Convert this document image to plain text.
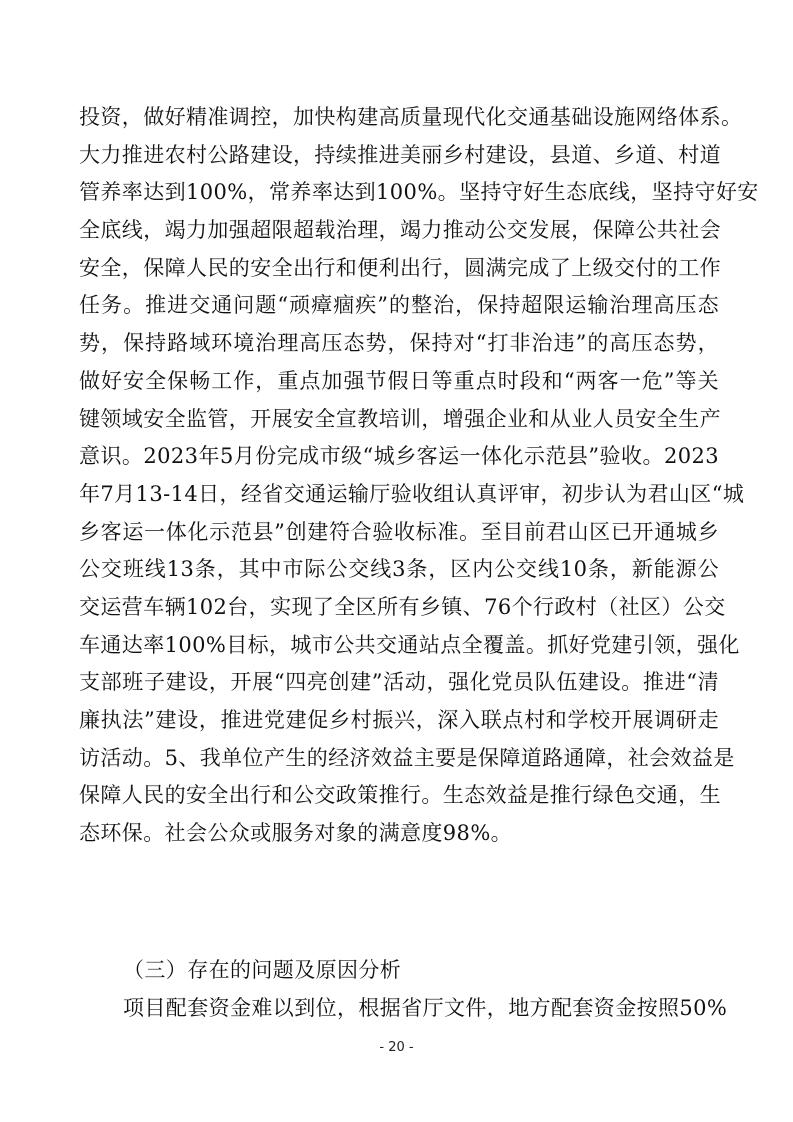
投资，做好精准调控，加快构建高质量现代化交通基础设施网络体系。
大力推进农村公路建设，持续推进美丽乡村建设，县道、乡道、村道
管养率达到100%，常养率达到100%。坚持守好生态底线，坚持守好安
全底线，竭力加强超限超载治理，竭力推动公交发展，保障公共社会
安全，保障人民的安全出行和便利出行，圆满完成了上级交付的工作
任务。推进交通问题“顽瘴痼疾”的整治，保持超限运输治理高压态
势，保持路域环境治理高压态势，保持对“打非治违”的高压态势，
做好安全保畅工作，重点加强节假日等重点时段和“两客一危”等关
键领域安全监管，开展安全宣教培训，增强企业和从业人员安全生产
意识。2023年5月份完成市级“城乡客运一体化示范县”验收。2023
年7月13-14日，经省交通运输厅验收组认真评审，初步认为君山区“城
乡客运一体化示范县”创建符合验收标准。至目前君山区已开通城乡
公交班线13条，其中市际公交线3条，区内公交线10条，新能源公
交运营车辆102台，实现了全区所有乡镇、76个行政村（社区）公交
车通达率100%目标，城市公共交通站点全覆盖。抓好党建引领，强化
支部班子建设，开展“四亮创建”活动，强化党员队伍建设。推进“清
廉执法”建设，推进党建促乡村振兴，深入联点村和学校开展调研走
访活动。5、我单位产生的经济效益主要是保障道路通障，社会效益是
保障人民的安全出行和公交政策推行。生态效益是推行绿色交通，生
态环保。社会公众或服务对象的满意度98%。

（三）存在的问题及原因分析

项目配套资金难以到位，根据省厅文件，地方配套资金按照50%

- 20 -
